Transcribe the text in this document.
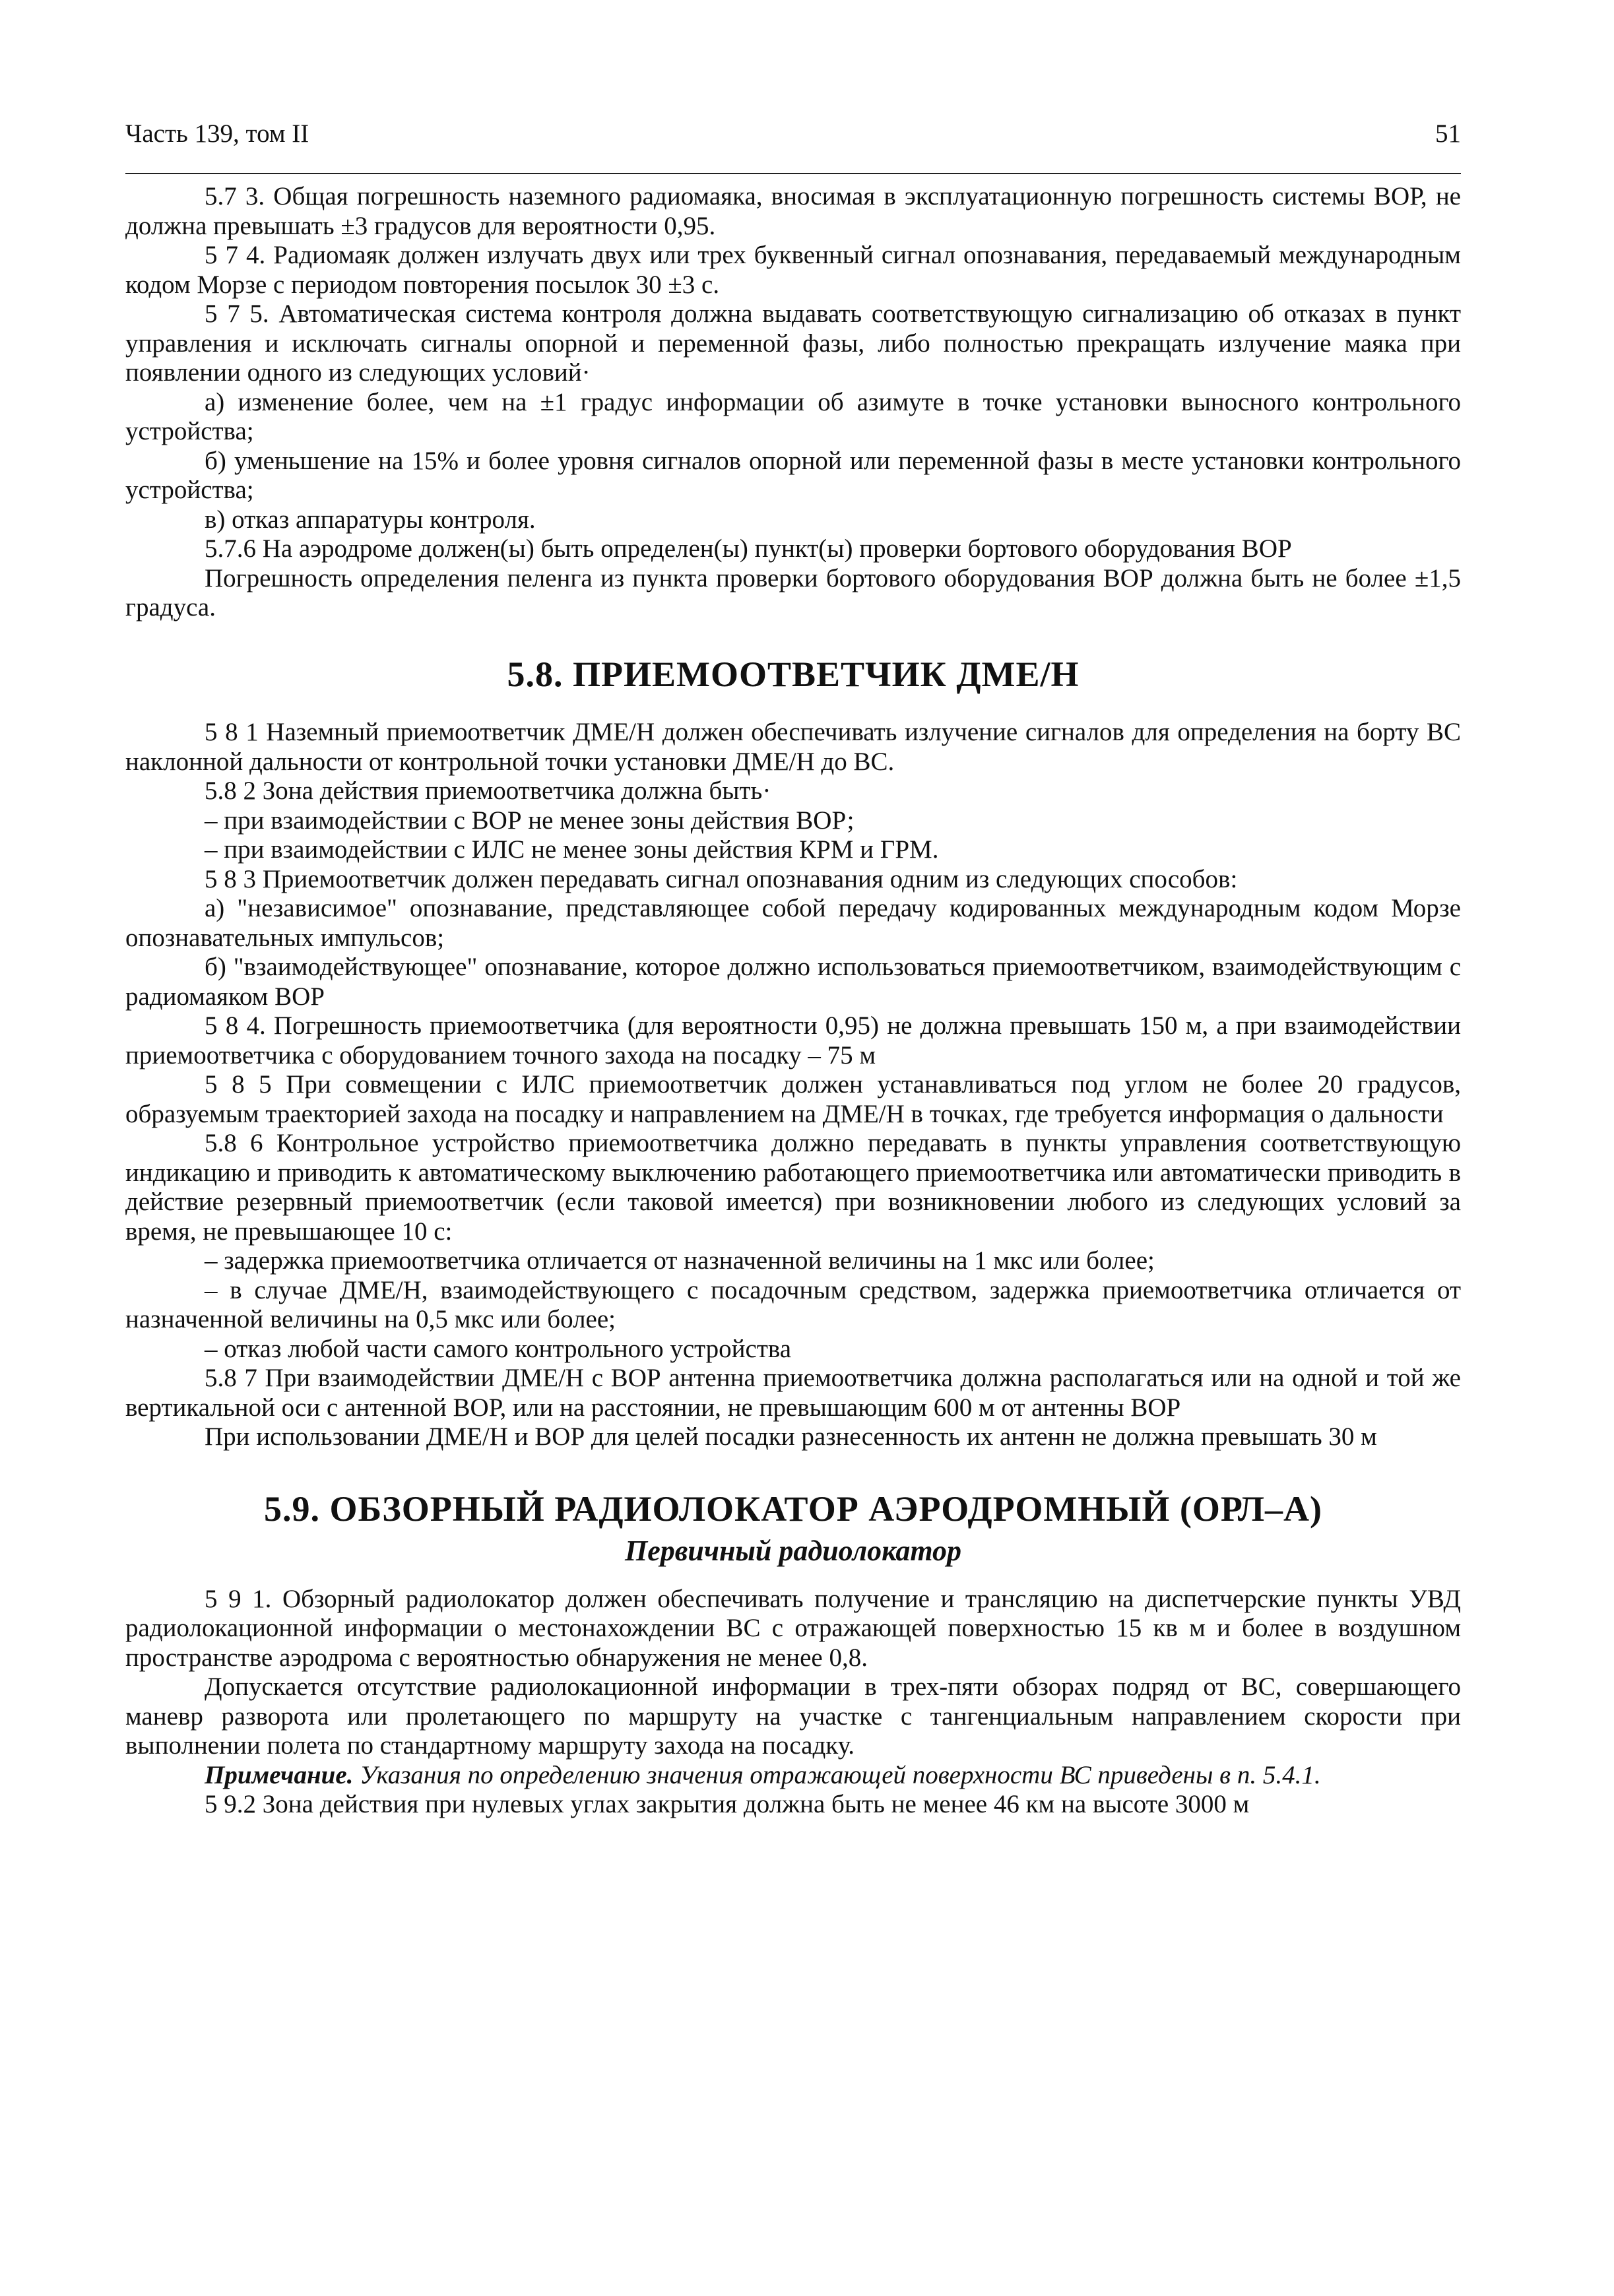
Часть 139, том II	51

5.7 3. Общая погрешность наземного радиомаяка, вносимая в эксплуатационную погрешность системы ВОР, не должна превышать ±3 градусов для вероятности 0,95.

5 7 4. Радиомаяк должен излучать двух или трех буквенный сигнал опознавания, передаваемый международным кодом Морзе с периодом повторения посылок 30 ±3 с.

5 7 5. Автоматическая система контроля должна выдавать соответствующую сигнализацию об отказах в пункт управления и исключать сигналы опорной и переменной фазы, либо полностью прекращать излучение маяка при появлении одного из следующих условий·

а) изменение более, чем на ±1 градус информации об азимуте в точке установки выносного контрольного устройства;

б) уменьшение на 15% и более уровня сигналов опорной или переменной фазы в месте установки контрольного устройства;

в) отказ аппаратуры контроля.

5.7.6 На аэродроме должен(ы) быть определен(ы) пункт(ы) проверки бортового оборудования ВОР

Погрешность определения пеленга из пункта проверки бортового оборудования ВОР должна быть не более ±1,5 градуса.

5.8. ПРИЕМООТВЕТЧИК ДМЕ/Н

5 8 1 Наземный приемоответчик ДМЕ/Н должен обеспечивать излучение сигналов для определения на борту ВС наклонной дальности от контрольной точки установки ДМЕ/Н до ВС.

5.8 2 Зона действия приемоответчика должна быть·

– при взаимодействии с ВОР не менее зоны действия ВОР;

– при взаимодействии с ИЛС не менее зоны действия КРМ и ГРМ.

5 8 3 Приемоответчик должен передавать сигнал опознавания одним из следующих способов:

а) "независимое" опознавание, представляющее собой передачу кодированных международным кодом Морзе опознавательных импульсов;

б) "взаимодействующее" опознавание, которое должно использоваться приемоответчиком, взаимодействующим с радиомаяком ВОР

5 8 4. Погрешность приемоответчика (для вероятности 0,95) не должна превышать 150 м, а при взаимодействии приемоответчика с оборудованием точного захода на посадку – 75 м

5 8 5 При совмещении с ИЛС приемоответчик должен устанавливаться под углом не более 20 градусов, образуемым траекторией захода на посадку и направлением на ДМЕ/Н в точках, где требуется информация о дальности

5.8 6 Контрольное устройство приемоответчика должно передавать в пункты управления соответствующую индикацию и приводить к автоматическому выключению работающего приемоответчика или автоматически приводить в действие резервный приемоответчик (если таковой имеется) при возникновении любого из следующих условий за время, не превышающее 10 с:

– задержка приемоответчика отличается от назначенной величины на 1 мкс или более;

– в случае ДМЕ/Н, взаимодействующего с посадочным средством, задержка приемоответчика отличается от назначенной величины на 0,5 мкс или более;

– отказ любой части самого контрольного устройства

5.8 7 При взаимодействии ДМЕ/Н с ВОР антенна приемоответчика должна располагаться или на одной и той же вертикальной оси с антенной ВОР, или на расстоянии, не превышающим 600 м от антенны ВОР

При использовании ДМЕ/Н и ВОР для целей посадки разнесенность их антенн не должна превышать 30 м

5.9. ОБЗОРНЫЙ РАДИОЛОКАТОР АЭРОДРОМНЫЙ (ОРЛ–А)
Первичный радиолокатор

5 9 1. Обзорный радиолокатор должен обеспечивать получение и трансляцию на диспетчерские пункты УВД радиолокационной информации о местонахождении ВС с отражающей поверхностью 15 кв м и более в воздушном пространстве аэродрома с вероятностью обнаружения не менее 0,8.

Допускается отсутствие радиолокационной информации в трех-пяти обзорах подряд от ВС, совершающего маневр разворота или пролетающего по маршруту на участке с тангенциальным направлением скорости при выполнении полета по стандартному маршруту захода на посадку.

Примечание. Указания по определению значения отражающей поверхности ВС приведены в п. 5.4.1.

5 9.2 Зона действия при нулевых углах закрытия должна быть не менее 46 км на высоте 3000 м
